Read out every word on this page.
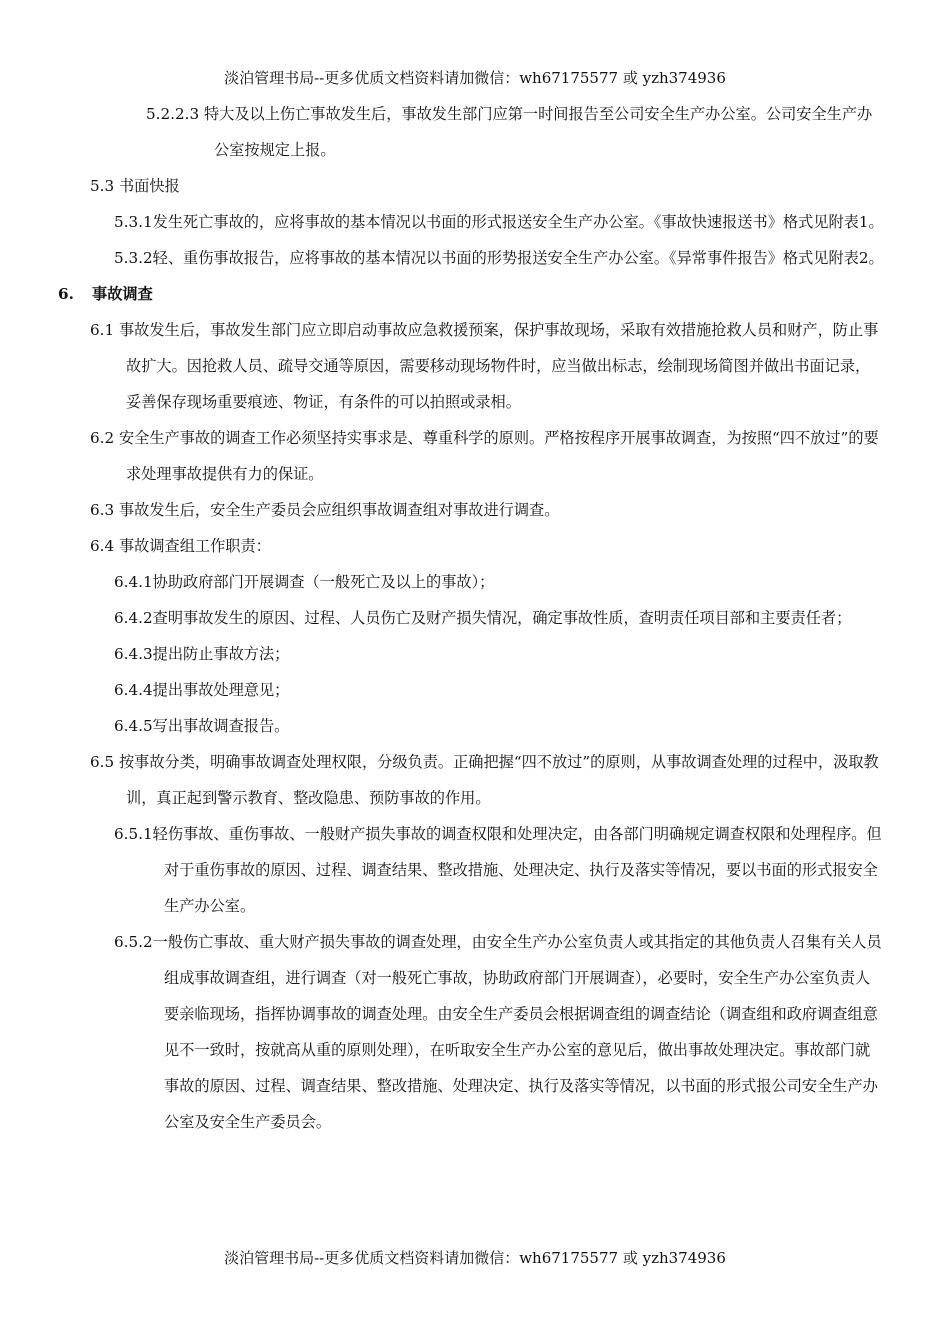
淡泊管理书局--更多优质文档资料请加微信：wh67175577 或 yzh374936

5.2.2.3 特大及以上伤亡事故发生后，事故发生部门应第一时间报告至公司安全生产办公室。公司安全生产办公室按规定上报。

5.3 书面快报

5.3.1发生死亡事故的，应将事故的基本情况以书面的形式报送安全生产办公室。《事故快速报送书》格式见附表1。

5.3.2轻、重伤事故报告，应将事故的基本情况以书面的形势报送安全生产办公室。《异常事件报告》格式见附表2。

6. 事故调查

6.1 事故发生后，事故发生部门应立即启动事故应急救援预案，保护事故现场，采取有效措施抢救人员和财产，防止事故扩大。因抢救人员、疏导交通等原因，需要移动现场物件时，应当做出标志，绘制现场简图并做出书面记录，妥善保存现场重要痕迹、物证，有条件的可以拍照或录相。

6.2 安全生产事故的调查工作必须坚持实事求是、尊重科学的原则。严格按程序开展事故调查，为按照“四不放过”的要求处理事故提供有力的保证。

6.3 事故发生后，安全生产委员会应组织事故调查组对事故进行调查。

6.4 事故调查组工作职责：

6.4.1协助政府部门开展调查（一般死亡及以上的事故）；

6.4.2查明事故发生的原因、过程、人员伤亡及财产损失情况，确定事故性质，查明责任项目部和主要责任者；

6.4.3提出防止事故方法；

6.4.4提出事故处理意见；

6.4.5写出事故调查报告。

6.5 按事故分类，明确事故调查处理权限，分级负责。正确把握“四不放过”的原则，从事故调查处理的过程中，汲取教训，真正起到警示教育、整改隐患、预防事故的作用。

6.5.1轻伤事故、重伤事故、一般财产损失事故的调查权限和处理决定，由各部门明确规定调查权限和处理程序。但对于重伤事故的原因、过程、调查结果、整改措施、处理决定、执行及落实等情况，要以书面的形式报安全生产办公室。

6.5.2一般伤亡事故、重大财产损失事故的调查处理，由安全生产办公室负责人或其指定的其他负责人召集有关人员组成事故调查组，进行调查（对一般死亡事故，协助政府部门开展调查），必要时，安全生产办公室负责人要亲临现场，指挥协调事故的调查处理。由安全生产委员会根据调查组的调查结论（调查组和政府调查组意见不一致时，按就高从重的原则处理），在听取安全生产办公室的意见后，做出事故处理决定。事故部门就事故的原因、过程、调查结果、整改措施、处理决定、执行及落实等情况，以书面的形式报公司安全生产办公室及安全生产委员会。

淡泊管理书局--更多优质文档资料请加微信：wh67175577 或 yzh374936
